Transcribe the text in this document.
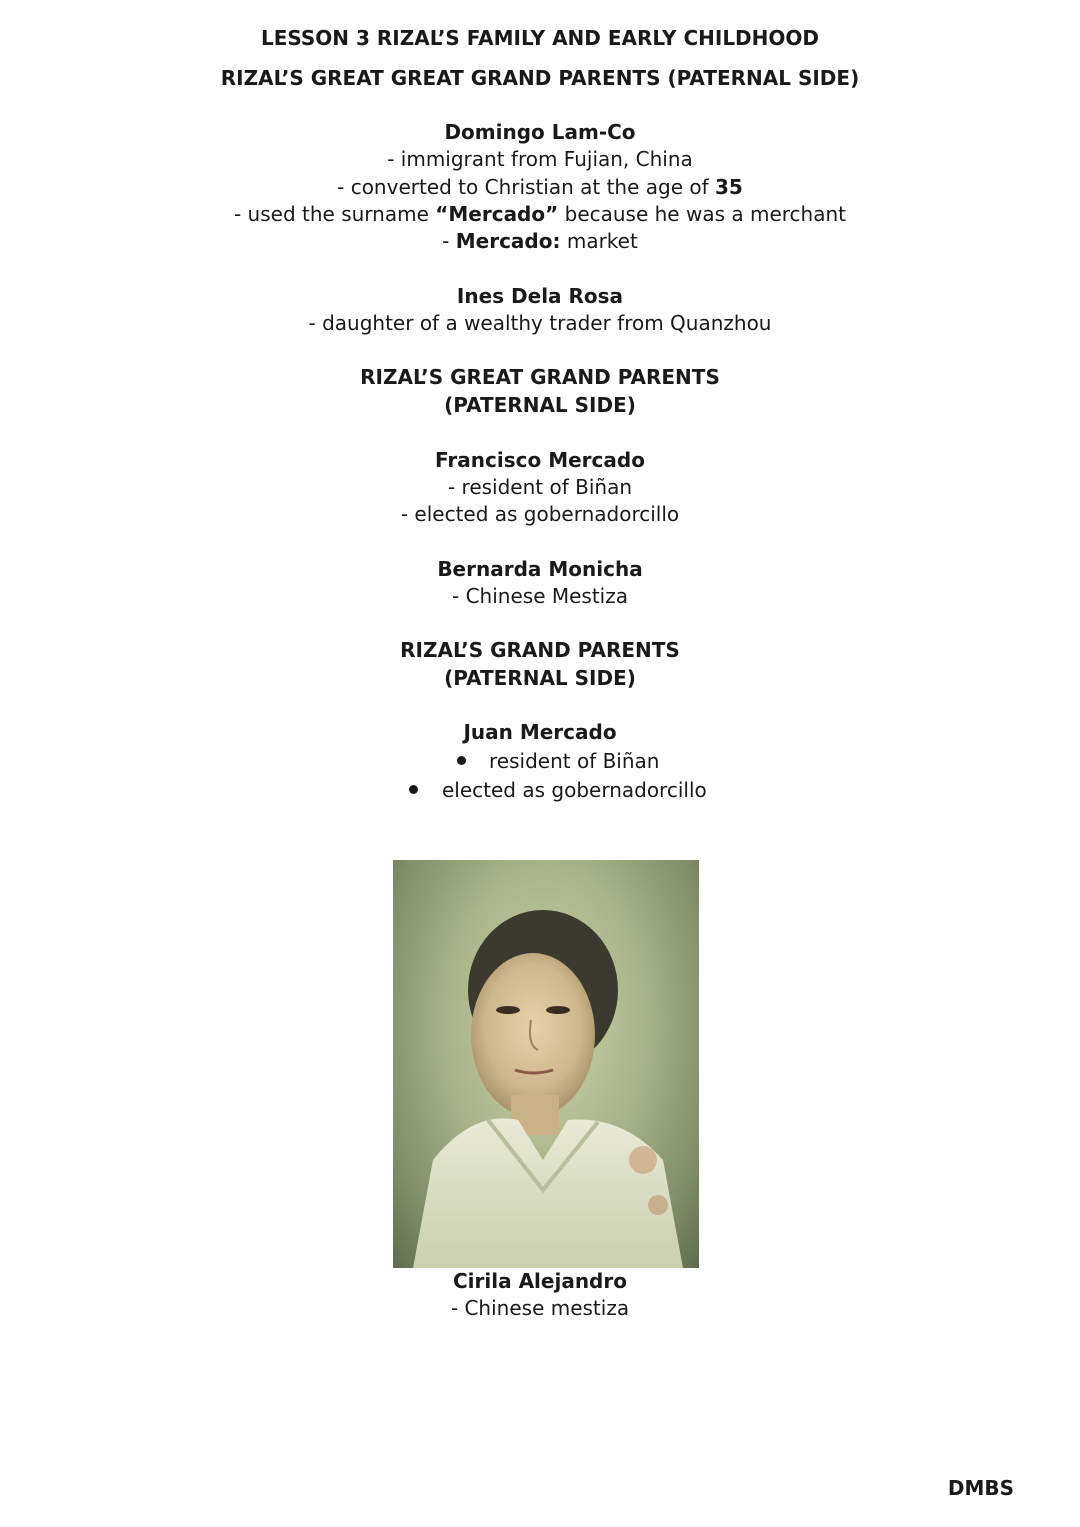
LESSON 3 RIZAL’S FAMILY AND EARLY CHILDHOOD
RIZAL’S GREAT GREAT GRAND PARENTS (PATERNAL SIDE)
Domingo Lam-Co
- immigrant from Fujian, China
- converted to Christian at the age of 35
- used the surname “Mercado” because he was a merchant
- Mercado: market
Ines Dela Rosa
- daughter of a wealthy trader from Quanzhou
RIZAL’S GREAT GRAND PARENTS
(PATERNAL SIDE)
Francisco Mercado
- resident of Biñan
- elected as gobernadorcillo
Bernarda Monicha
- Chinese Mestiza
RIZAL’S GRAND PARENTS
(PATERNAL SIDE)
Juan Mercado
resident of Biñan
elected as gobernadorcillo
Cirila Alejandro
- Chinese mestiza
DMBS
